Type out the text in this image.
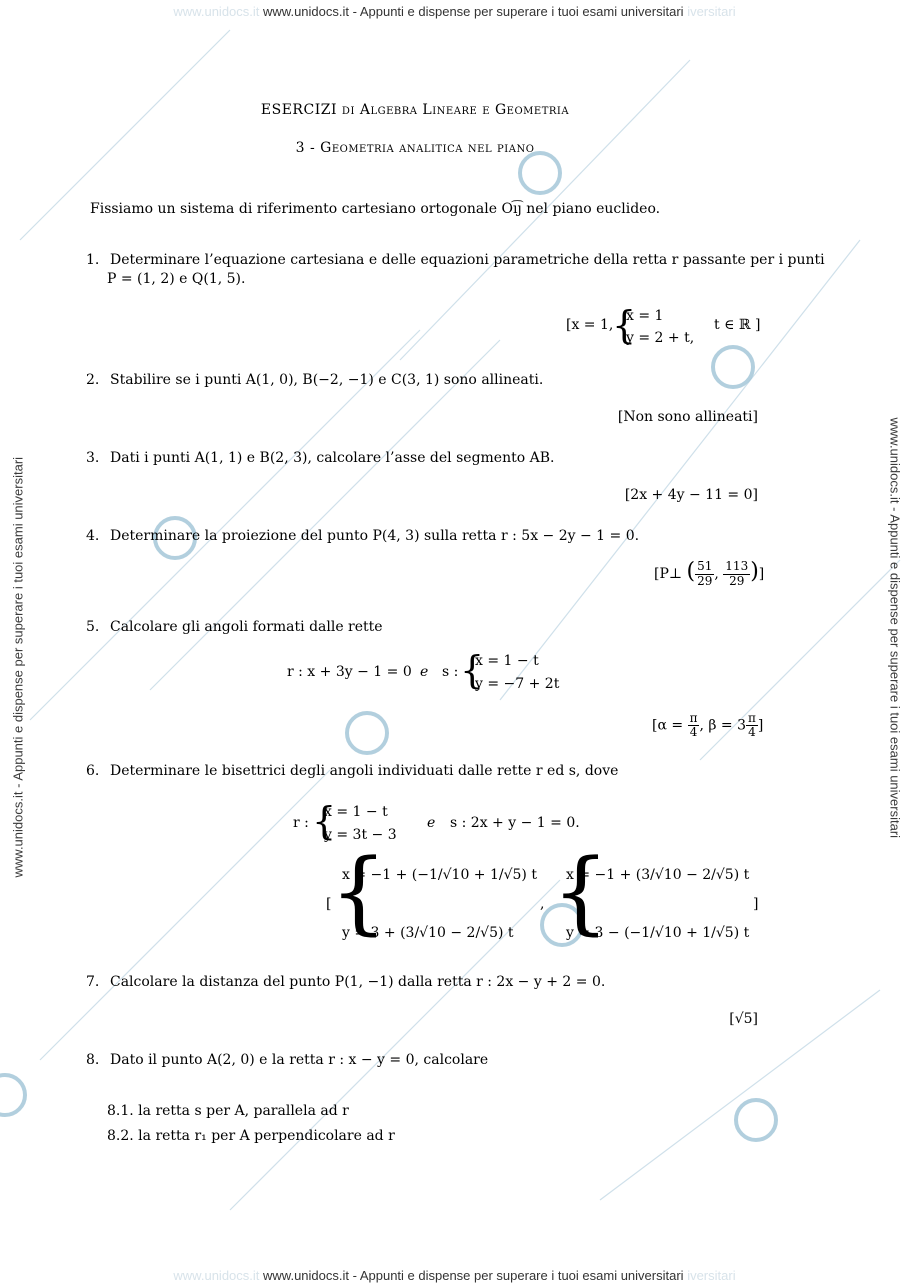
www.unidocs.it www.unidocs.it - Appunti e dispense per superare i tuoi esami universitari iversitari
www.unidocs.it www.unidocs.it - Appunti e dispense per superare i tuoi esami universitari iversitari
www.unidocs.it - Appunti e dispense per superare i tuoi esami universitari	www.unidocs.it - Appunti e dispense per superare i tuoi esami universitari
ESERCIZI di Algebra Lineare e Geometria
3 - Geometria analitica nel piano
Fissiamo un sistema di riferimento cartesiano ortogonale Oı͡ȷ nel piano euclideo.
1. Determinare l’equazione cartesiana e delle equazioni parametriche della retta r passante per i punti
P = (1, 2) e Q(1, 5).
[x = 1,
{
x = 1
y = 2 + t,
t ∈ ℝ ]
2. Stabilire se i punti A(1, 0), B(−2, −1) e C(3, 1) sono allineati.
[Non sono allineati]
3. Dati i punti A(1, 1) e B(2, 3), calcolare l’asse del segmento AB.
[2x + 4y − 11 = 0]
4. Determinare la proiezione del punto P(4, 3) sulla retta r : 5x − 2y − 1 = 0.
[P⊥ ( $\frac{51}{29}$ , $\frac{113}{29}$ )]
5. Calcolare gli angoli formati dalle rette
r : x + 3y − 1 = 0 e s : {
x = 1 − t
y = −7 + 2t
[$\alpha = \frac{\pi}{4}$ , $\beta = 3 \frac{\pi}{4}$ ]
6. Determinare le bisettrici degli angoli individuati dalle rette r ed s, dove
r : {
x = 1 − t
y = 3t − 3
e s : 2x + y − 1 = 0.
[
{
x = −1 + (−1/√10 + 1/√5) t
y = 3 + (3/√10 − 2/√5) t
, {
x = −1 + (3/√10 − 2/√5) t
y = 3 − (−1/√10 + 1/√5) t
]
7. Calcolare la distanza del punto P(1, −1) dalla retta r : 2x − y + 2 = 0.
[√5]
8. Dato il punto A(2, 0) e la retta r : x − y = 0, calcolare
8.1. la retta s per A, parallela ad r
8.2. la retta r₁ per A perpendicolare ad r
